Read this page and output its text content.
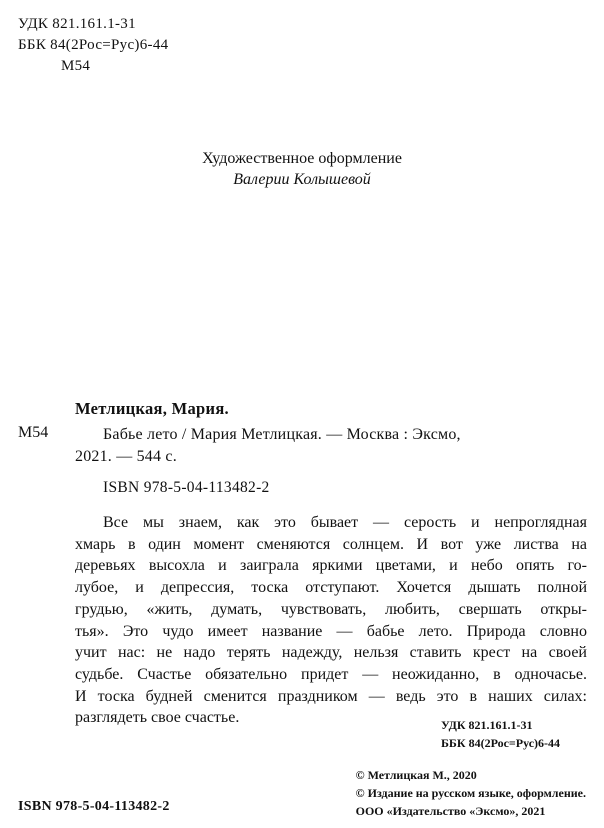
УДК 821.161.1-31
ББК 84(2Рос=Рус)6-44
М54
Художественное оформление
Валерии Колышевой
Метлицкая, Мария.
М54	Бабье лето / Мария Метлицкая. — Москва : Эксмо,
2021. — 544 с.
ISBN 978-5-04-113482-2
Все мы знаем, как это бывает — серость и непроглядная
хмарь в один момент сменяются солнцем. И вот уже листва на
деревьях высохла и заиграла яркими цветами, и небо опять го-
лубое, и депрессия, тоска отступают. Хочется дышать полной
грудью, «жить, думать, чувствовать, любить, свершать откры-
тья». Это чудо имеет название — бабье лето. Природа словно
учит нас: не надо терять надежду, нельзя ставить крест на своей
судьбе. Счастье обязательно придет — неожиданно, в одночасье.
И тоска будней сменится праздником — ведь это в наших силах:
разглядеть свое счастье.	УДК 821.161.1-31
ББК 84(2Рос=Рус)6-44
© Метлицкая М., 2020
© Издание на русском языке, оформление.
ООО «Издательство «Эксмо», 2021
ISBN 978-5-04-113482-2
